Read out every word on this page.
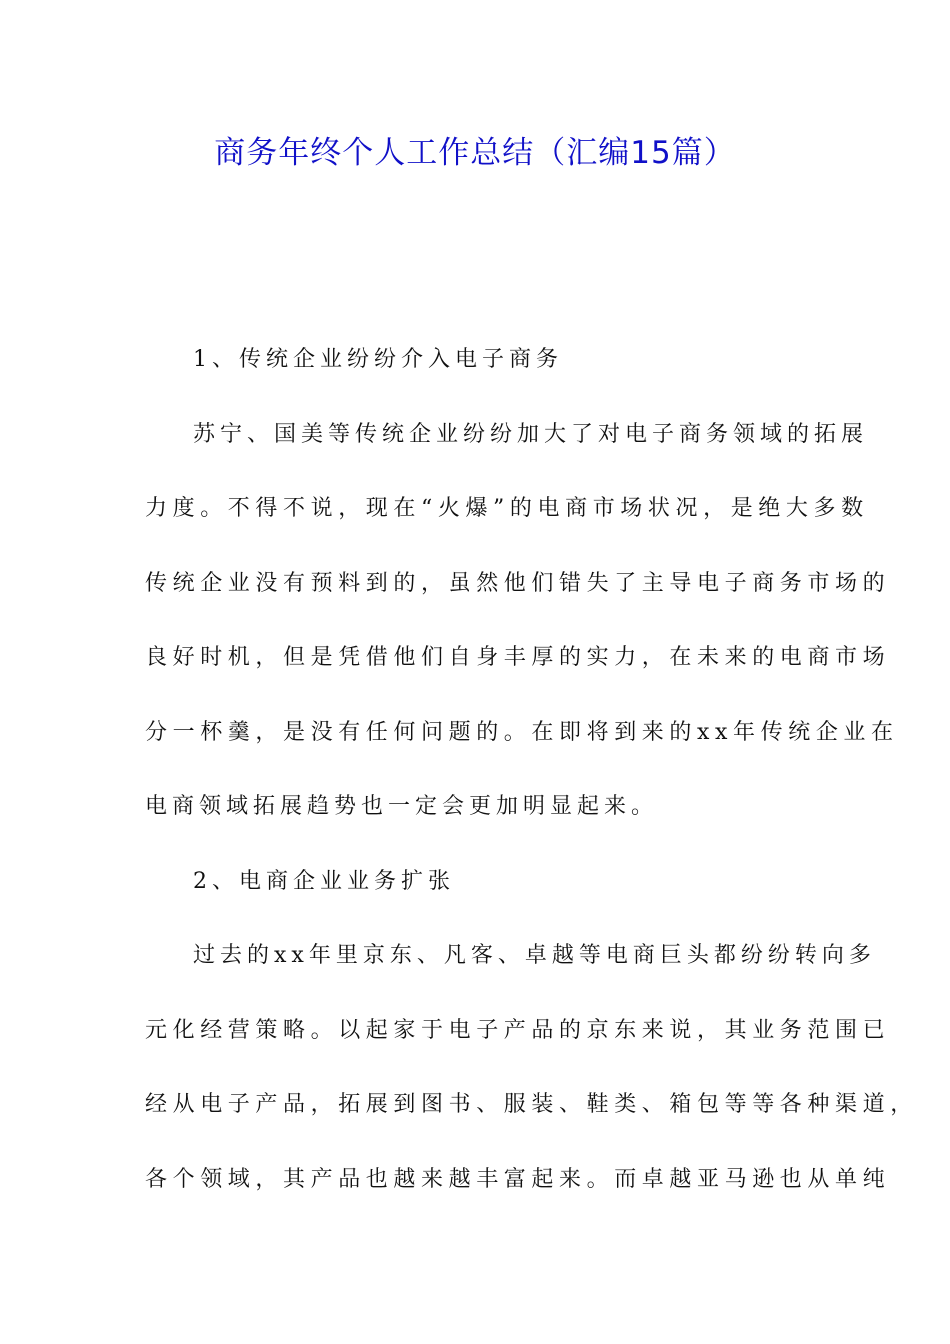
商务年终个人工作总结（汇编15篇）

1、传统企业纷纷介入电子商务

苏宁、国美等传统企业纷纷加大了对电子商务领域的拓展

力度。不得不说，现在“火爆”的电商市场状况，是绝大多数

传统企业没有预料到的，虽然他们错失了主导电子商务市场的

良好时机，但是凭借他们自身丰厚的实力，在未来的电商市场

分一杯羹，是没有任何问题的。在即将到来的xx年传统企业在

电商领域拓展趋势也一定会更加明显起来。

2、电商企业业务扩张

过去的xx年里京东、凡客、卓越等电商巨头都纷纷转向多

元化经营策略。以起家于电子产品的京东来说，其业务范围已

经从电子产品，拓展到图书、服装、鞋类、箱包等等各种渠道，

各个领域，其产品也越来越丰富起来。而卓越亚马逊也从单纯
